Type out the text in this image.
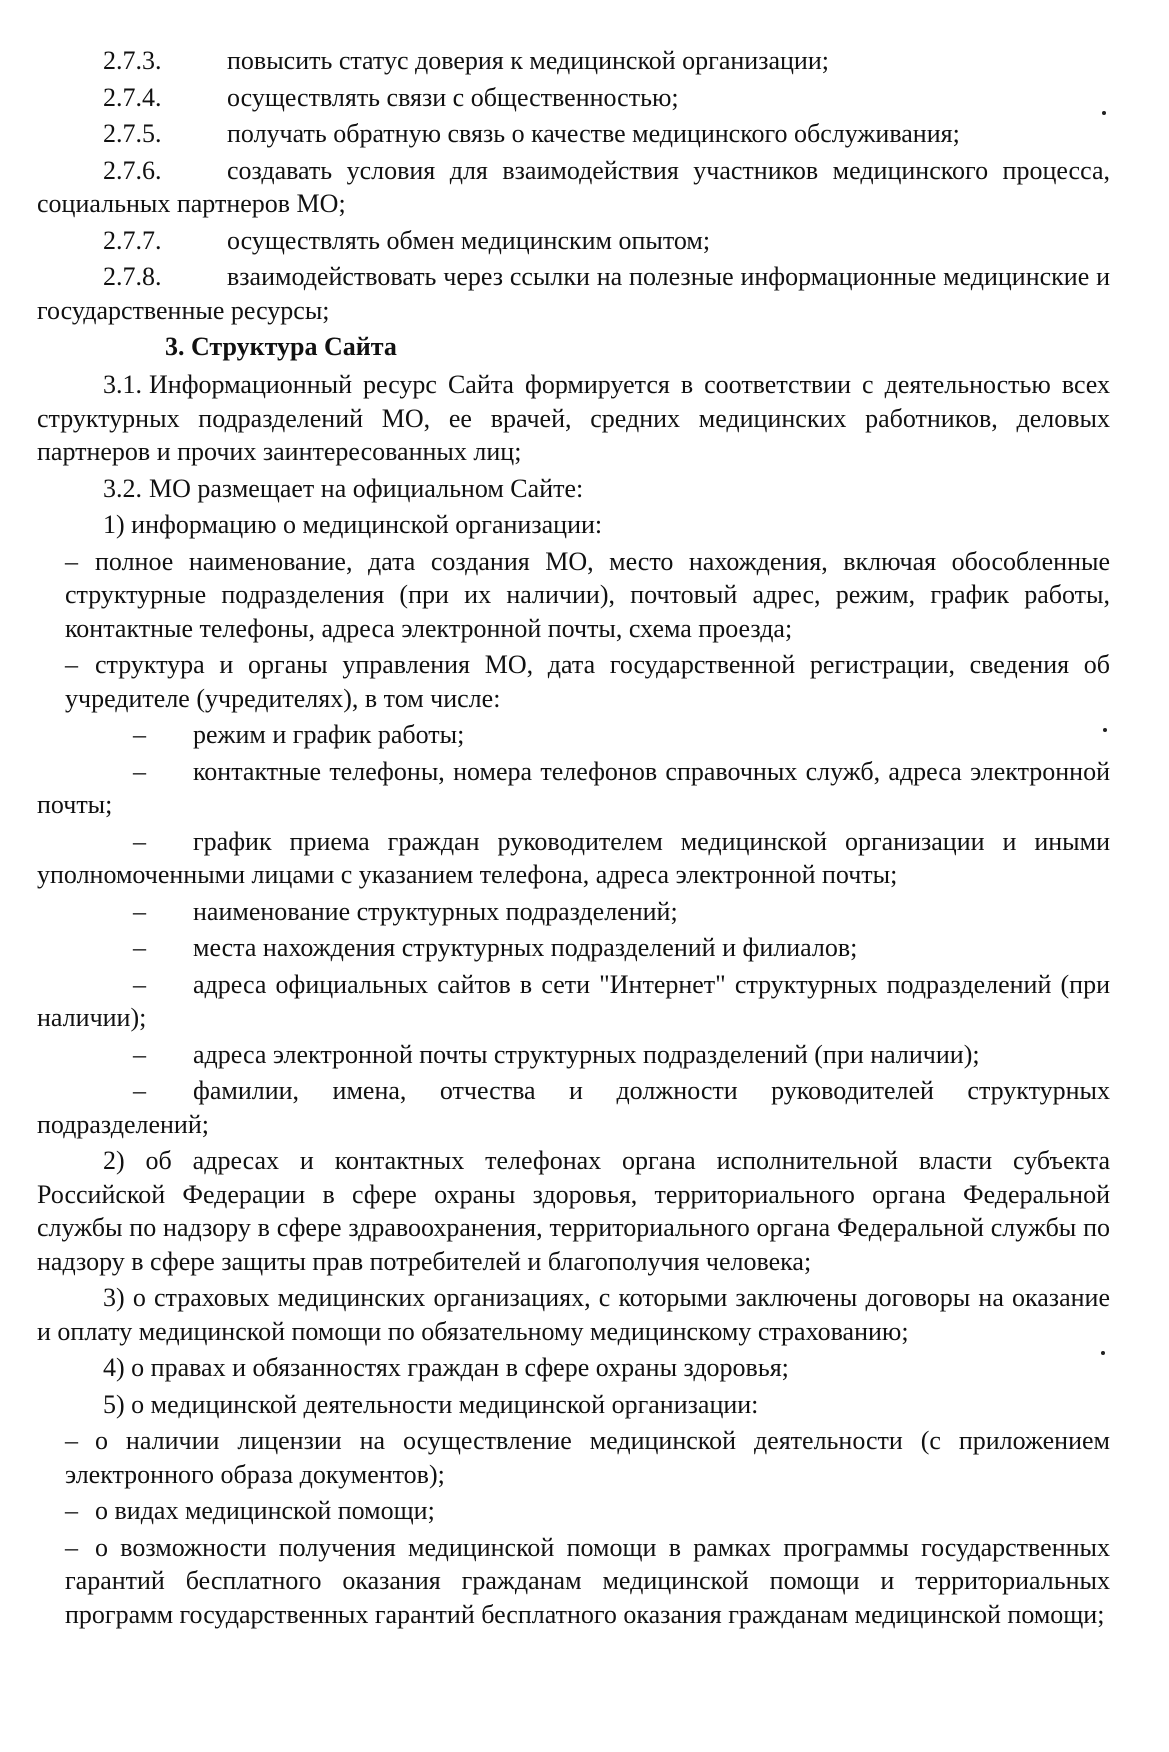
2.7.3.	повысить статус доверия к медицинской организации;

2.7.4.	осуществлять связи с общественностью;

2.7.5.	получать обратную связь о качестве медицинского обслуживания;

2.7.6.	создавать условия для взаимодействия участников медицинского процесса, социальных партнеров МО;

2.7.7.	осуществлять обмен медицинским опытом;

2.7.8.	взаимодействовать через ссылки на полезные информационные медицинские и государственные ресурсы;

3. Структура Сайта

3.1. Информационный ресурс Сайта формируется в соответствии с деятельностью всех структурных подразделений МО, ее врачей, средних медицинских работников, деловых партнеров и прочих заинтересованных лиц;

3.2. МО размещает на официальном Сайте:

1) информацию о медицинской организации:

– полное наименование, дата создания МО, место нахождения, включая обособленные структурные подразделения (при их наличии), почтовый адрес, режим, график работы, контактные телефоны, адреса электронной почты, схема проезда;

– структура и органы управления МО, дата государственной регистрации, сведения об учредителе (учредителях), в том числе:

– режим и график работы;

– контактные телефоны, номера телефонов справочных служб, адреса электронной почты;

– график приема граждан руководителем медицинской организации и иными уполномоченными лицами с указанием телефона, адреса электронной почты;

– наименование структурных подразделений;

– места нахождения структурных подразделений и филиалов;

– адреса официальных сайтов в сети "Интернет" структурных подразделений (при наличии);

– адреса электронной почты структурных подразделений (при наличии);

– фамилии, имена, отчества и должности руководителей структурных подразделений;

2) об адресах и контактных телефонах органа исполнительной власти субъекта Российской Федерации в сфере охраны здоровья, территориального органа Федеральной службы по надзору в сфере здравоохранения, территориального органа Федеральной службы по надзору в сфере защиты прав потребителей и благополучия человека;

3) о страховых медицинских организациях, с которыми заключены договоры на оказание и оплату медицинской помощи по обязательному медицинскому страхованию;

4) о правах и обязанностях граждан в сфере охраны здоровья;

5) о медицинской деятельности медицинской организации:

– о наличии лицензии на осуществление медицинской деятельности (с приложением электронного образа документов);

– о видах медицинской помощи;

– о возможности получения медицинской помощи в рамках программы государственных гарантий бесплатного оказания гражданам медицинской помощи и территориальных программ государственных гарантий бесплатного оказания гражданам медицинской помощи;
